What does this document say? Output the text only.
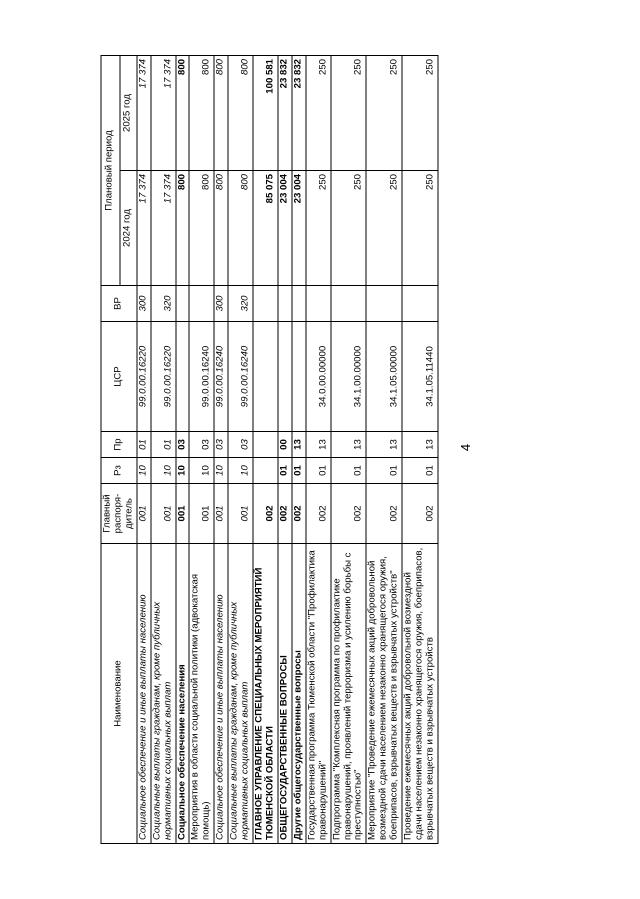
4
Наименование	Главный распоря-дитель	Рз	Пр	ЦСР	ВР	Плановый период	
						2024 год	2025 год
Социальное обеспечение и иные выплаты населению	001	10	01	99.0.00.16220	300	17 374	17 374
Социальные выплаты гражданам, кроме публичных нормативных социальных выплат	001	10	01	99.0.00.16220	320	17 374	17 374
Социальное обеспечение населения	001	10	03			800	800
Мероприятия в области социальной политики (адвокатская помощь)	001	10	03	99.0.00.16240		800	800
Социальное обеспечение и иные выплаты населению	001	10	03	99.0.00.16240	300	800	800
Социальные выплаты гражданам, кроме публичных нормативных социальных выплат	001	10	03	99.0.00.16240	320	800	800
ГЛАВНОЕ УПРАВЛЕНИЕ СПЕЦИАЛЬНЫХ МЕРОПРИЯТИЙ ТЮМЕНСКОЙ ОБЛАСТИ	002					85 075	100 581
ОБЩЕГОСУДАРСТВЕННЫЕ ВОПРОСЫ	002	01	00			23 004	23 832
Другие общегосударственные вопросы	002	01	13			23 004	23 832
Государственная программа Тюменской области "Профилактика правонарушений"	002	01	13	34.0.00.00000		250	250
Подпрограмма "Комплексная программа по профилактике правонарушений, проявлений терроризма и усилению борьбы с преступностью"	002	01	13	34.1.00.00000		250	250
Мероприятие "Проведение ежемесячных акций добровольной возмездной сдачи населением незаконно хранящегося оружия, боеприпасов, взрывчатых веществ и взрывчатых устройств"	002	01	13	34.1.05.00000		250	250
Проведение ежемесячных акций добровольной возмездной сдачи населением незаконно хранящегося оружия, боеприпасов, взрывчатых веществ и взрывчатых устройств	002	01	13	34.1.05.11440		250	250
